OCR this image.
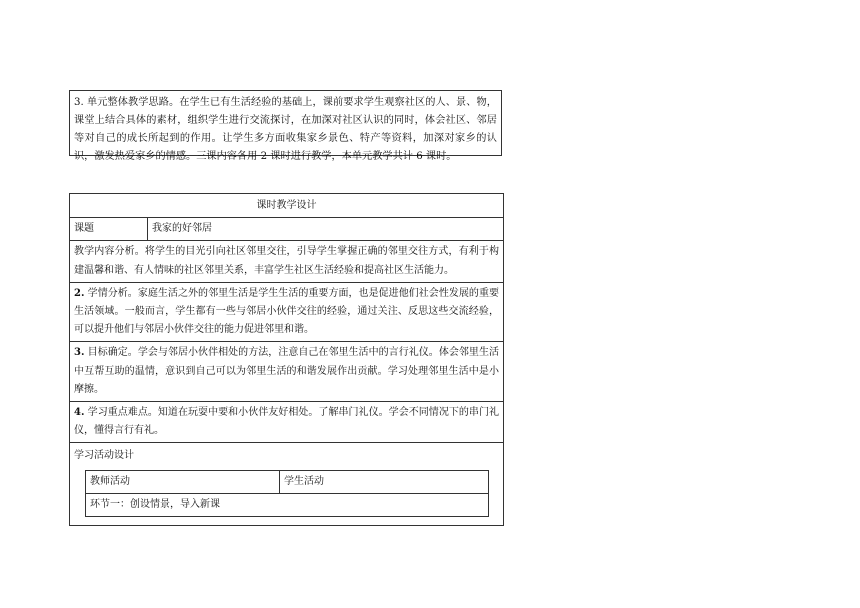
3. 单元整体教学思路。在学生已有生活经验的基础上，课前要求学生观察社区的人、景、物，课堂上结合具体的素材，组织学生进行交流探讨，在加深对社区认识的同时，体会社区、邻居等对自己的成长所起到的作用。让学生多方面收集家乡景色、特产等资料，加深对家乡的认识，激发热爱家乡的情感。三课内容各用 2 课时进行教学，本单元教学共计 6 课时。
课时教学设计
课题	我家的好邻居
教学内容分析。将学生的目光引向社区邻里交往，引导学生掌握正确的邻里交往方式，有利于构建温馨和谐、有人情味的社区邻里关系，丰富学生社区生活经验和提高社区生活能力。
2. 学情分析。家庭生活之外的邻里生活是学生生活的重要方面，也是促进他们社会性发展的重要生活领域。一般而言，学生都有一些与邻居小伙伴交往的经验，通过关注、反思这些交流经验，可以提升他们与邻居小伙伴交往的能力促进邻里和谐。
3. 目标确定。学会与邻居小伙伴相处的方法，注意自己在邻里生活中的言行礼仪。体会邻里生活中互帮互助的温情，意识到自己可以为邻里生活的和谐发展作出贡献。学习处理邻里生活中是小摩擦。
4. 学习重点难点。知道在玩耍中要和小伙伴友好相处。了解串门礼仪。学会不同情况下的串门礼仪，懂得言行有礼。

学习活动设计
教师活动	学生活动
环节一：创设情景，导入新课
